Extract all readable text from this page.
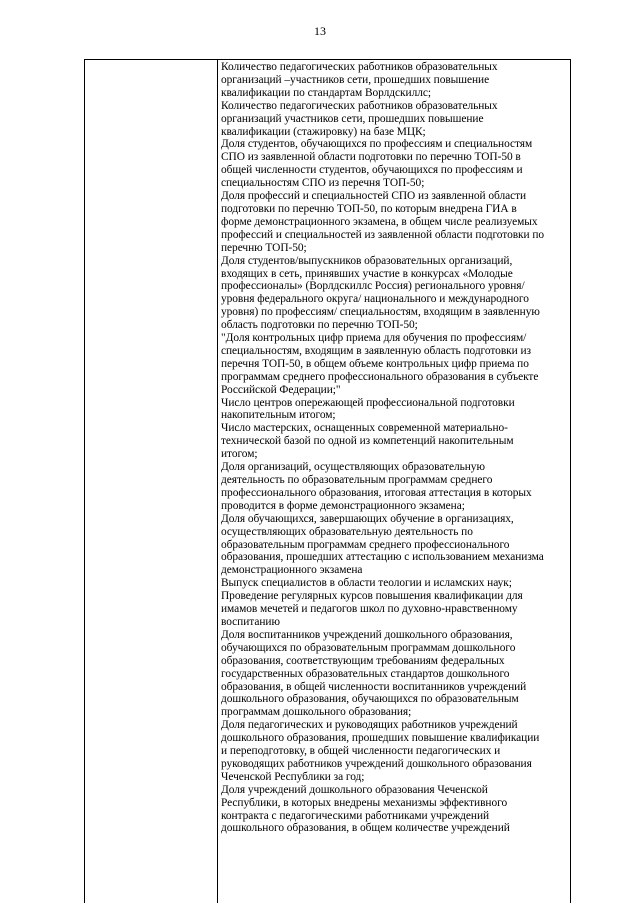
13

Количество педагогических работников образовательных
организаций –участников сети, прошедших повышение
квалификации по стандартам Ворлдскиллс;

Количество педагогических работников образовательных
организаций участников сети, прошедших повышение
квалификации (стажировку) на базе МЦК;

Доля студентов, обучающихся по профессиям и специальностям
СПО из заявленной области подготовки по перечню ТОП-50 в
общей численности студентов, обучающихся по профессиям и
специальностям СПО из перечня ТОП-50;

Доля профессий и специальностей СПО из заявленной области
подготовки по перечню ТОП-50, по которым внедрена ГИА в
форме демонстрационного экзамена, в общем числе реализуемых
профессий и специальностей из заявленной области подготовки по
перечню ТОП-50;

Доля студентов/выпускников образовательных организаций,
входящих в сеть, принявших участие в конкурсах «Молодые
профессионалы» (Ворлдскиллс Россия) регионального уровня/
уровня федерального округа/ национального и международного
уровня) по профессиям/ специальностям, входящим в заявленную
область подготовки по перечню ТОП-50;

"Доля контрольных цифр приема для обучения по профессиям/
специальностям, входящим в заявленную область подготовки из
перечня ТОП-50, в общем объеме контрольных цифр приема по
программам среднего профессионального образования в субъекте
Российской Федерации;"

Число центров опережающей профессиональной подготовки
накопительным итогом;

Число мастерских, оснащенных современной материально-
технической базой по одной из компетенций накопительным
итогом;

Доля организаций, осуществляющих образовательную
деятельность по образовательным программам среднего
профессионального образования, итоговая аттестация в которых
проводится в форме демонстрационного экзамена;

Доля обучающихся, завершающих обучение в организациях,
осуществляющих образовательную деятельность по
образовательным программам среднего профессионального
образования, прошедших аттестацию с использованием механизма
демонстрационного экзамена

Выпуск специалистов в области теологии и исламских наук;

Проведение регулярных курсов повышения квалификации для
имамов мечетей и педагогов школ по духовно-нравственному
воспитанию

Доля воспитанников учреждений дошкольного образования,
обучающихся по образовательным программам дошкольного
образования, соответствующим требованиям федеральных
государственных образовательных стандартов дошкольного
образования, в общей численности воспитанников учреждений
дошкольного образования, обучающихся по образовательным
программам дошкольного образования;

Доля педагогических и руководящих работников учреждений
дошкольного образования, прошедших повышение квалификации
и переподготовку, в общей численности педагогических и
руководящих работников учреждений дошкольного образования
Чеченской Республики за год;

Доля учреждений дошкольного образования Чеченской
Республики, в которых внедрены механизмы эффективного
контракта с педагогическими работниками учреждений
дошкольного образования, в общем количестве учреждений
